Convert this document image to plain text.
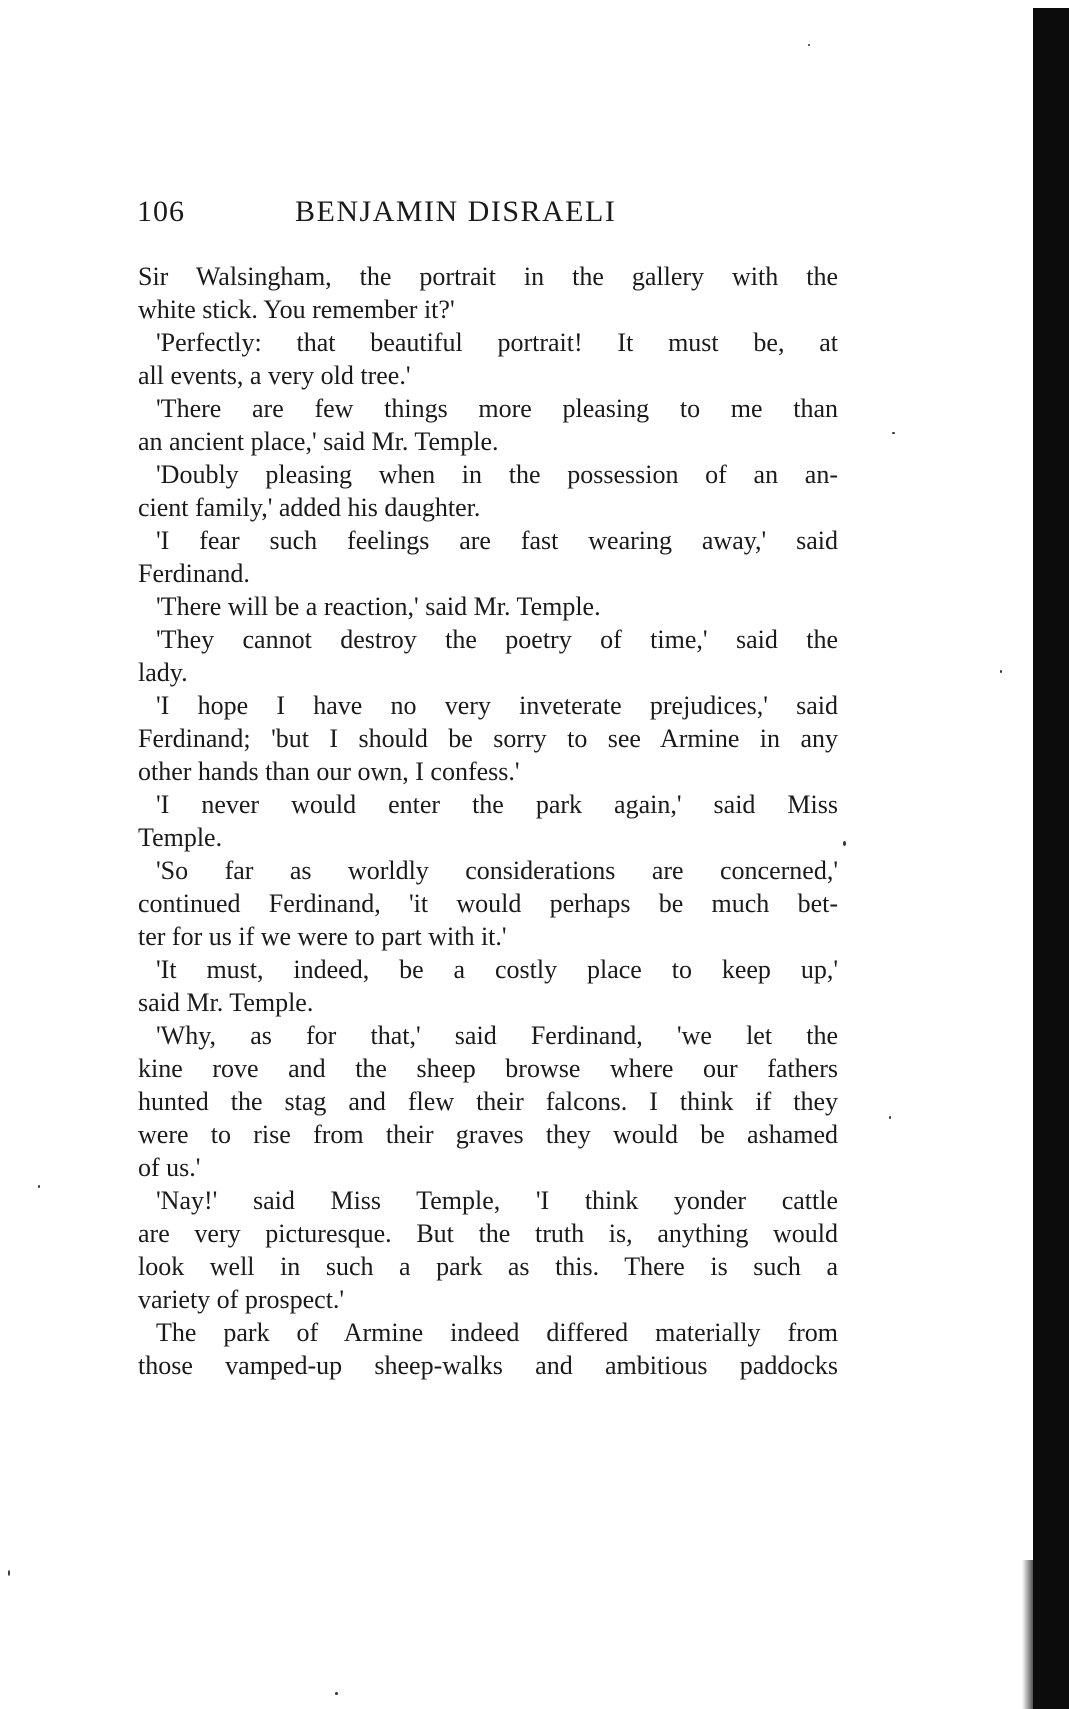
106	BENJAMIN DISRAELI
Sir Walsingham, the portrait in the gallery with the
white stick. You remember it?'
'Perfectly: that beautiful portrait! It must be, at
all events, a very old tree.'
'There are few things more pleasing to me than
an ancient place,' said Mr. Temple.
'Doubly pleasing when in the possession of an an-
cient family,' added his daughter.
'I fear such feelings are fast wearing away,' said
Ferdinand.
'There will be a reaction,' said Mr. Temple.
'They cannot destroy the poetry of time,' said the
lady.
'I hope I have no very inveterate prejudices,' said
Ferdinand; 'but I should be sorry to see Armine in any
other hands than our own, I confess.'
'I never would enter the park again,' said Miss
Temple.
'So far as worldly considerations are concerned,'
continued Ferdinand, 'it would perhaps be much bet-
ter for us if we were to part with it.'
'It must, indeed, be a costly place to keep up,'
said Mr. Temple.
'Why, as for that,' said Ferdinand, 'we let the
kine rove and the sheep browse where our fathers
hunted the stag and flew their falcons. I think if they
were to rise from their graves they would be ashamed
of us.'
'Nay!' said Miss Temple, 'I think yonder cattle
are very picturesque. But the truth is, anything would
look well in such a park as this. There is such a
variety of prospect.'
The park of Armine indeed differed materially from
those vamped-up sheep-walks and ambitious paddocks
